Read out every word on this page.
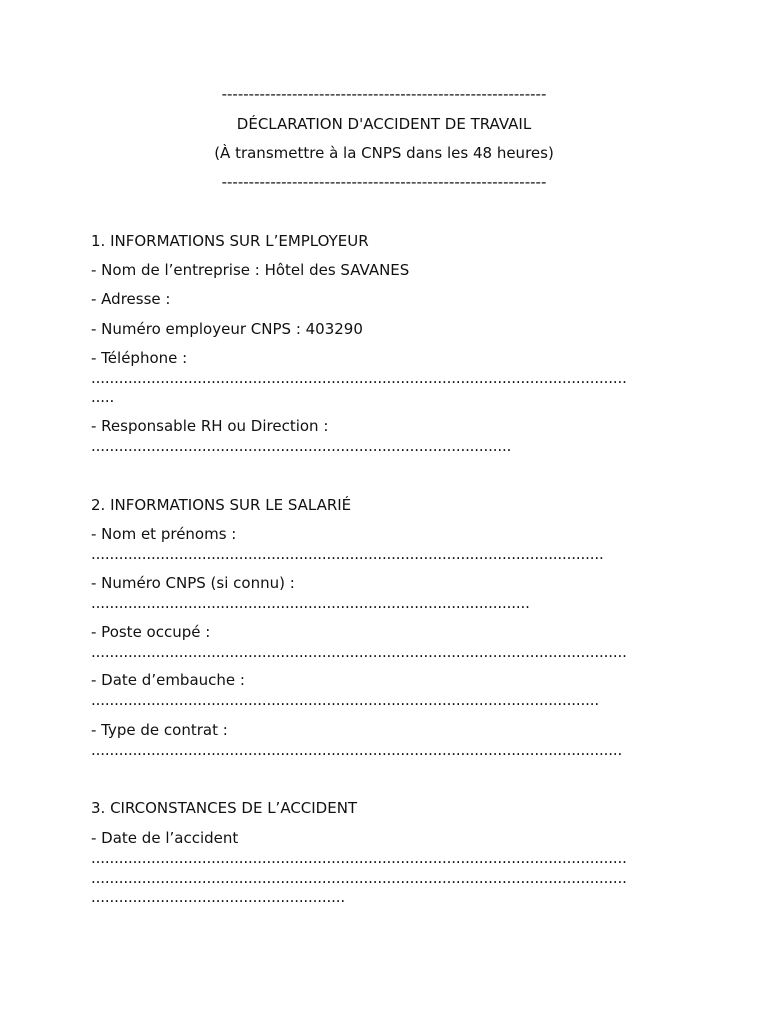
------------------------------------------------------------
DÉCLARATION D'ACCIDENT DE TRAVAIL
(À transmettre à la CNPS dans les 48 heures)
------------------------------------------------------------
1. INFORMATIONS SUR L’EMPLOYEUR
- Nom de l’entreprise : Hôtel des SAVANES
- Adresse :
- Numéro employeur CNPS : 403290
- Téléphone :
....................................................................................................................
.....
- Responsable RH ou Direction :
...........................................................................................
2. INFORMATIONS SUR LE SALARIÉ
- Nom et prénoms :
...............................................................................................................
- Numéro CNPS (si connu) :
...............................................................................................
- Poste occupé :
....................................................................................................................
- Date d’embauche :
..............................................................................................................
- Type de contrat :
...................................................................................................................
3. CIRCONSTANCES DE L’ACCIDENT
- Date de l’accident
....................................................................................................................
....................................................................................................................
.......................................................
